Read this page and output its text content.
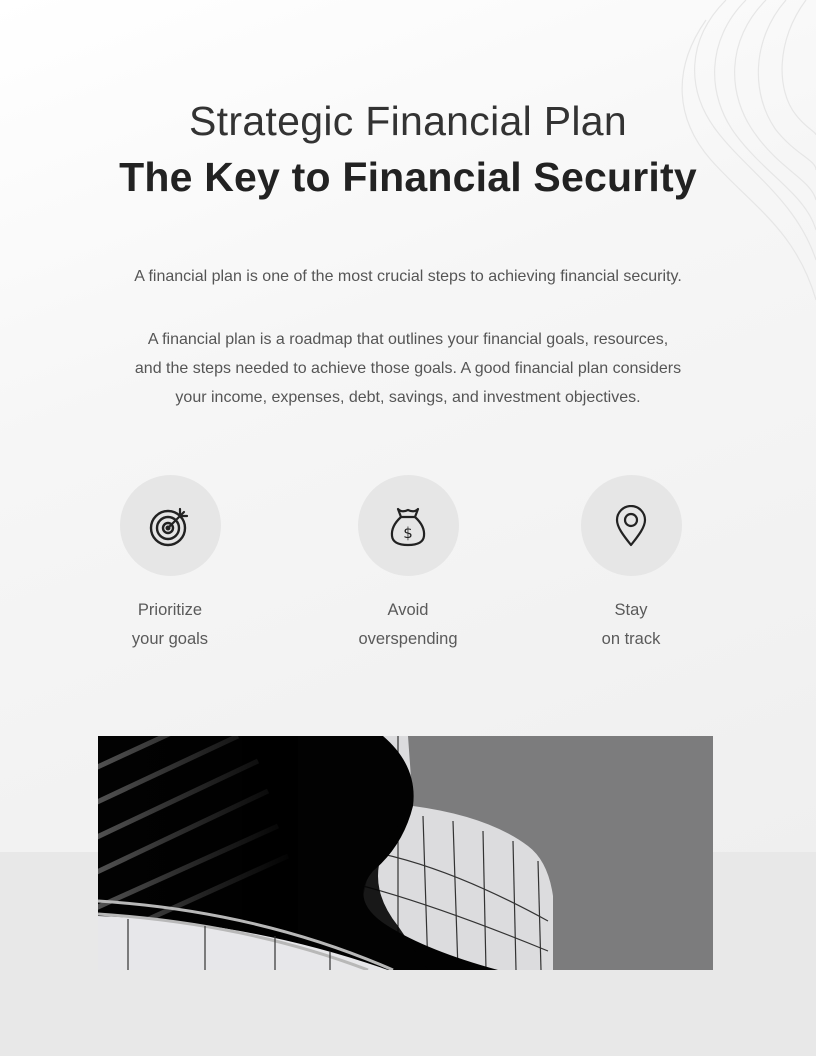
Strategic Financial Plan
The Key to Financial Security
A financial plan is one of the most crucial steps to achieving financial security.
A financial plan is a roadmap that outlines your financial goals, resources,
and the steps needed to achieve those goals. A good financial plan considers
your income, expenses, debt, savings, and investment objectives.
Prioritize
your goals
$
Avoid
overspending
Stay
on track
